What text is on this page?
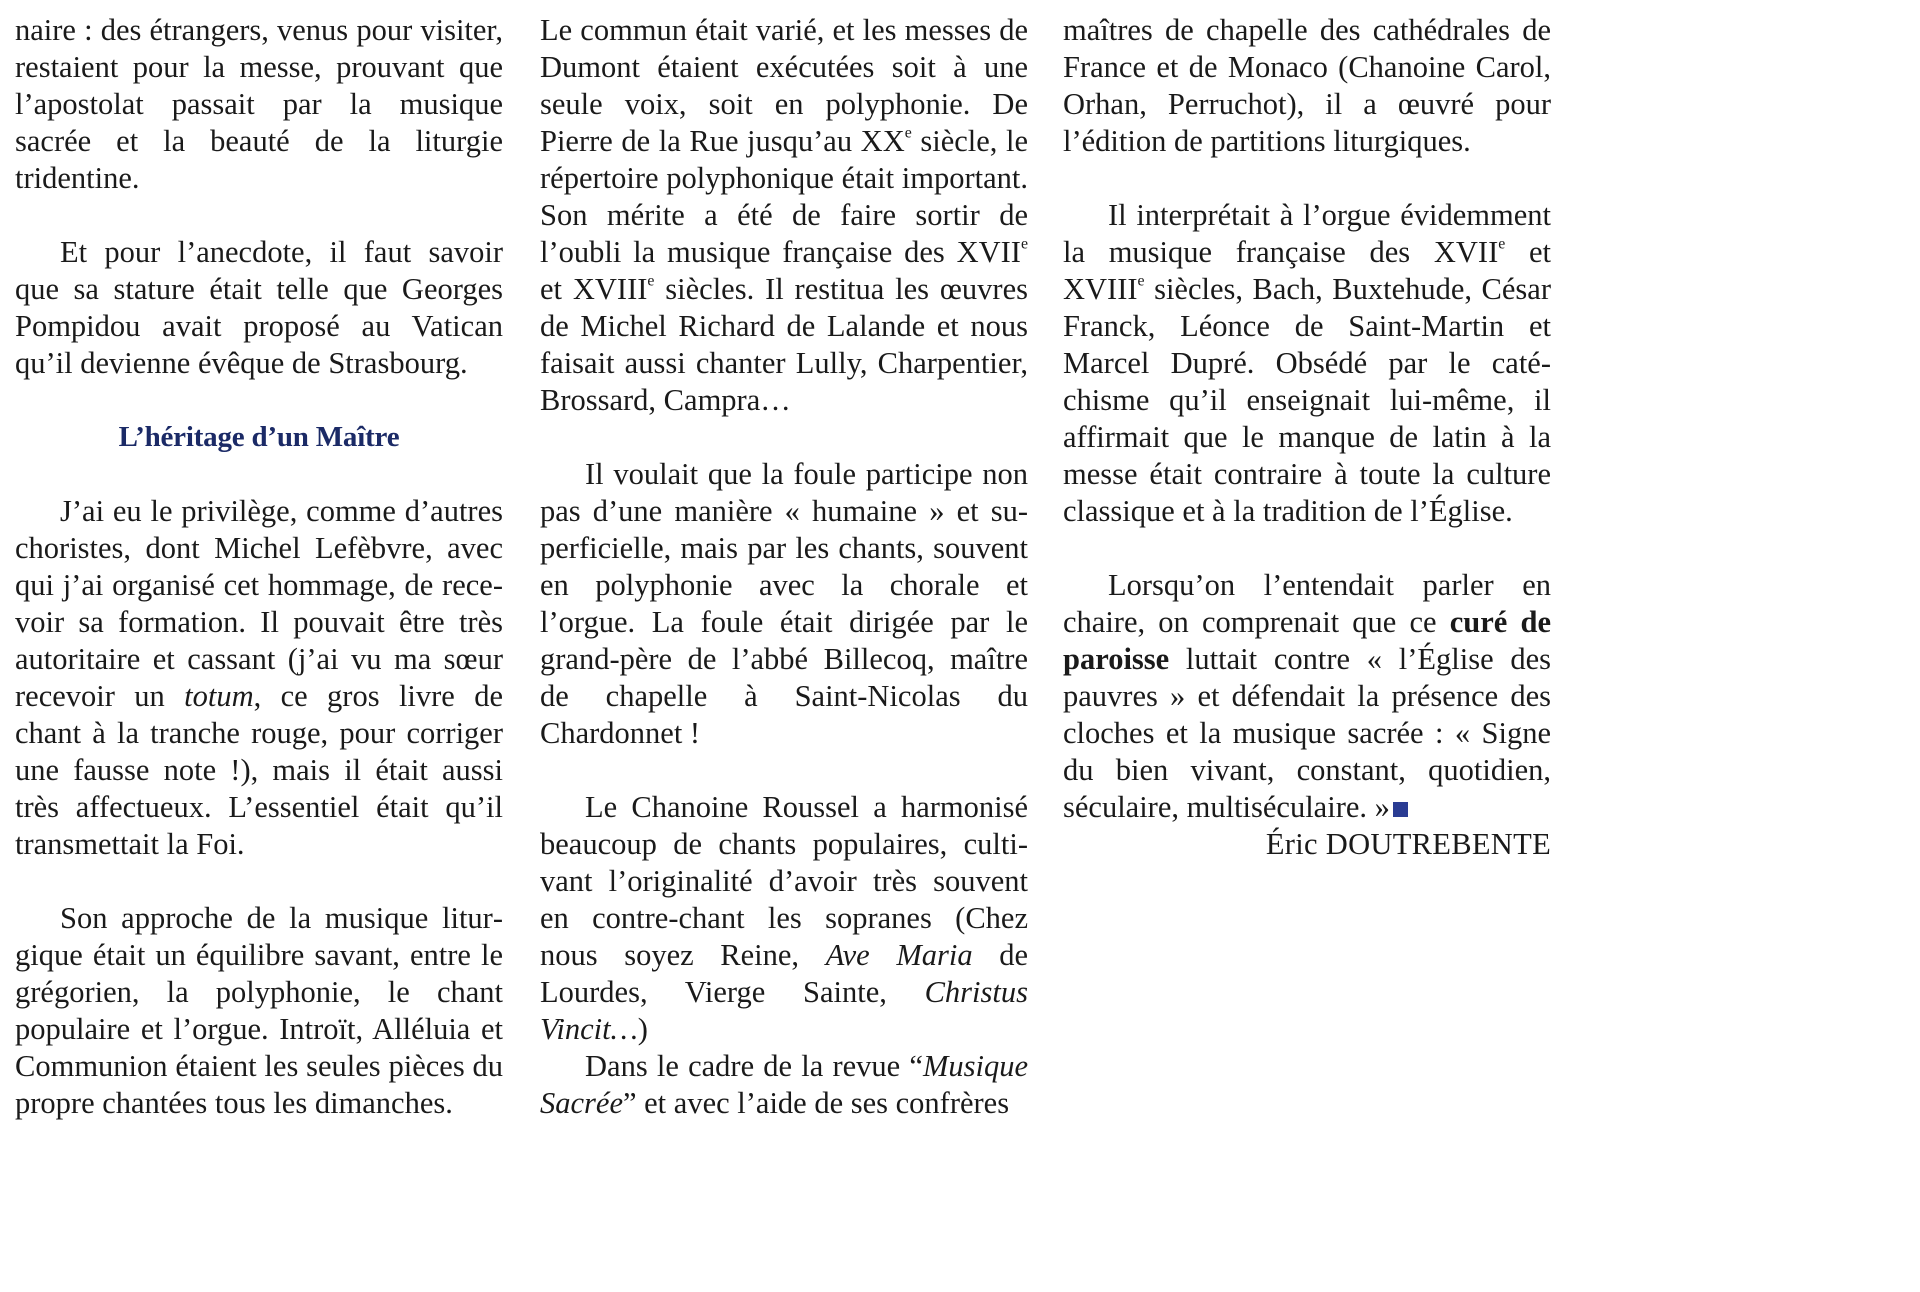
naire : des étrangers, venus pour visiter, restaient pour la messe, prouvant que l’apostolat passait par la musique sacrée et la beauté de la liturgie tridentine.

Et pour l’anecdote, il faut savoir que sa stature était telle que Georges Pompidou avait proposé au Vatican qu’il devienne évêque de Strasbourg.

L’héritage d’un Maître

J’ai eu le privilège, comme d’autres choristes, dont Michel Lefèbvre, avec qui j’ai organisé cet hommage, de recevoir sa formation. Il pouvait être très autoritaire et cassant (j’ai vu ma sœur recevoir un totum, ce gros livre de chant à la tranche rouge, pour corriger une fausse note !), mais il était aussi très affectueux. L’essentiel était qu’il transmettait la Foi.

Son approche de la musique liturgique était un équilibre savant, entre le grégorien, la polyphonie, le chant populaire et l’orgue. Introït, Alléluia et Communion étaient les seules pièces du propre chantées tous les dimanches.

Le commun était varié, et les messes de Dumont étaient exécutées soit à une seule voix, soit en polyphonie. De Pierre de la Rue jusqu’au XXe siècle, le répertoire polyphonique était important. Son mérite a été de faire sortir de l’oubli la musique française des XVIIe et XVIIIe siècles. Il restitua les œuvres de Michel Richard de Lalande et nous faisait aussi chanter Lully, Charpentier, Brossard, Campra…

Il voulait que la foule participe non pas d’une manière « humaine » et superficielle, mais par les chants, souvent en polyphonie avec la chorale et l’orgue. La foule était dirigée par le grand-père de l’abbé Billecoq, maître de chapelle à Saint-Nicolas du Chardonnet !

Le Chanoine Roussel a harmonisé beaucoup de chants populaires, cultivant l’originalité d’avoir très souvent en contre-chant les sopranes (Chez nous soyez Reine, Ave Maria de Lourdes, Vierge Sainte, Christus Vincit…)

Dans le cadre de la revue “Musique Sacrée” et avec l’aide de ses confrères

maîtres de chapelle des cathédrales de France et de Monaco (Chanoine Carol, Orhan, Perruchot), il a œuvré pour l’édition de partitions liturgiques.

Il interprétait à l’orgue évidemment la musique française des XVIIe et XVIIIe siècles, Bach, Buxtehude, César Franck, Léonce de Saint-Martin et Marcel Dupré. Obsédé par le catéchisme qu’il enseignait lui-même, il affirmait que le manque de latin à la messe était contraire à toute la culture classique et à la tradition de l’Église.

Lorsqu’on l’entendait parler en chaire, on comprenait que ce curé de paroisse luttait contre « l’Église des pauvres » et défendait la présence des cloches et la musique sacrée : « Signe du bien vivant, constant, quotidien, séculaire, multiséculaire. »

Éric DOUTREBENTE
